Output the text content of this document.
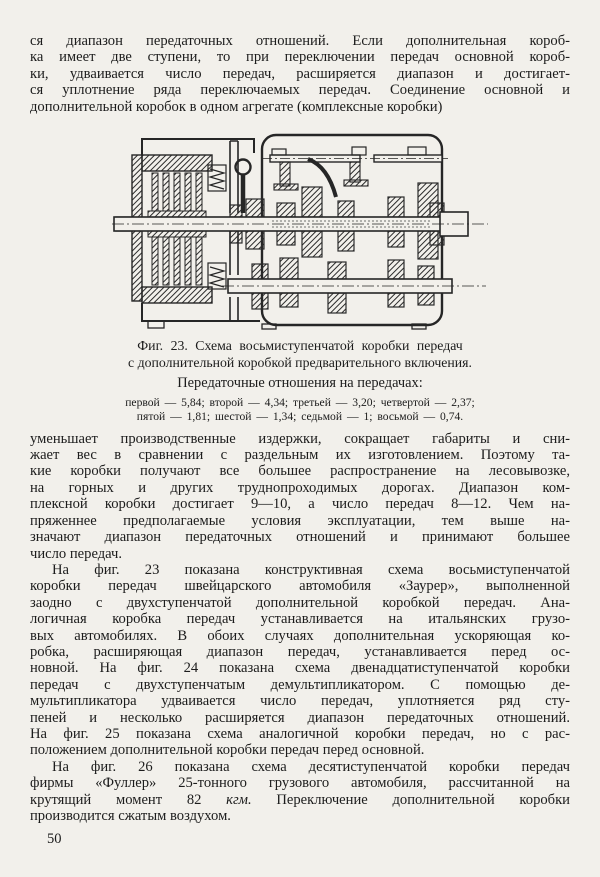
ся диапазон передаточных отношений. Если дополнительная короб-
ка имеет две ступени, то при переключении передач основной короб-
ки, удваивается число передач, расширяется диапазон и достигает-
ся уплотнение ряда переключаемых передач. Соединение основной и
дополнительной коробок в одном агрегате (комплексные коробки)
Фиг. 23. Схема восьмиступенчатой коробки передач
с дополнительной коробкой предварительного включения.
Передаточные отношения на передачах:
первой — 5,84; второй — 4,34; третьей — 3,20; четвертой — 2,37;
пятой — 1,81; шестой — 1,34; седьмой — 1; восьмой — 0,74.
уменьшает производственные издержки, сокращает габариты и сни-
жает вес в сравнении с раздельным их изготовлением. Поэтому та-
кие коробки получают все большее распространение на лесовывозке,
на горных и других труднопроходимых дорогах. Диапазон ком-
плексной коробки достигает 9—10, а число передач 8—12. Чем на-
пряженнее предполагаемые условия эксплуатации, тем выше на-
значают диапазон передаточных отношений и принимают большее
число передач.
На фиг. 23 показана конструктивная схема восьмиступенчатой
коробки передач швейцарского автомобиля «Заурер», выполненной
заодно с двухступенчатой дополнительной коробкой передач. Ана-
логичная коробка передач устанавливается на итальянских грузо-
вых автомобилях. В обоих случаях дополнительная ускоряющая ко-
робка, расширяющая диапазон передач, устанавливается перед ос-
новной. На фиг. 24 показана схема двенадцатиступенчатой коробки
передач с двухступенчатым демультипликатором. С помощью де-
мультипликатора удваивается число передач, уплотняется ряд сту-
пеней и несколько расширяется диапазон передаточных отношений.
На фиг. 25 показана схема аналогичной коробки передач, но с рас-
положением дополнительной коробки передач перед основной.
На фиг. 26 показана схема десятиступенчатой коробки передач
фирмы «Фуллер» 25-тонного грузового автомобиля, рассчитанной на
крутящий момент 82 кгм. Переключение дополнительной коробки
производится сжатым воздухом.
50
